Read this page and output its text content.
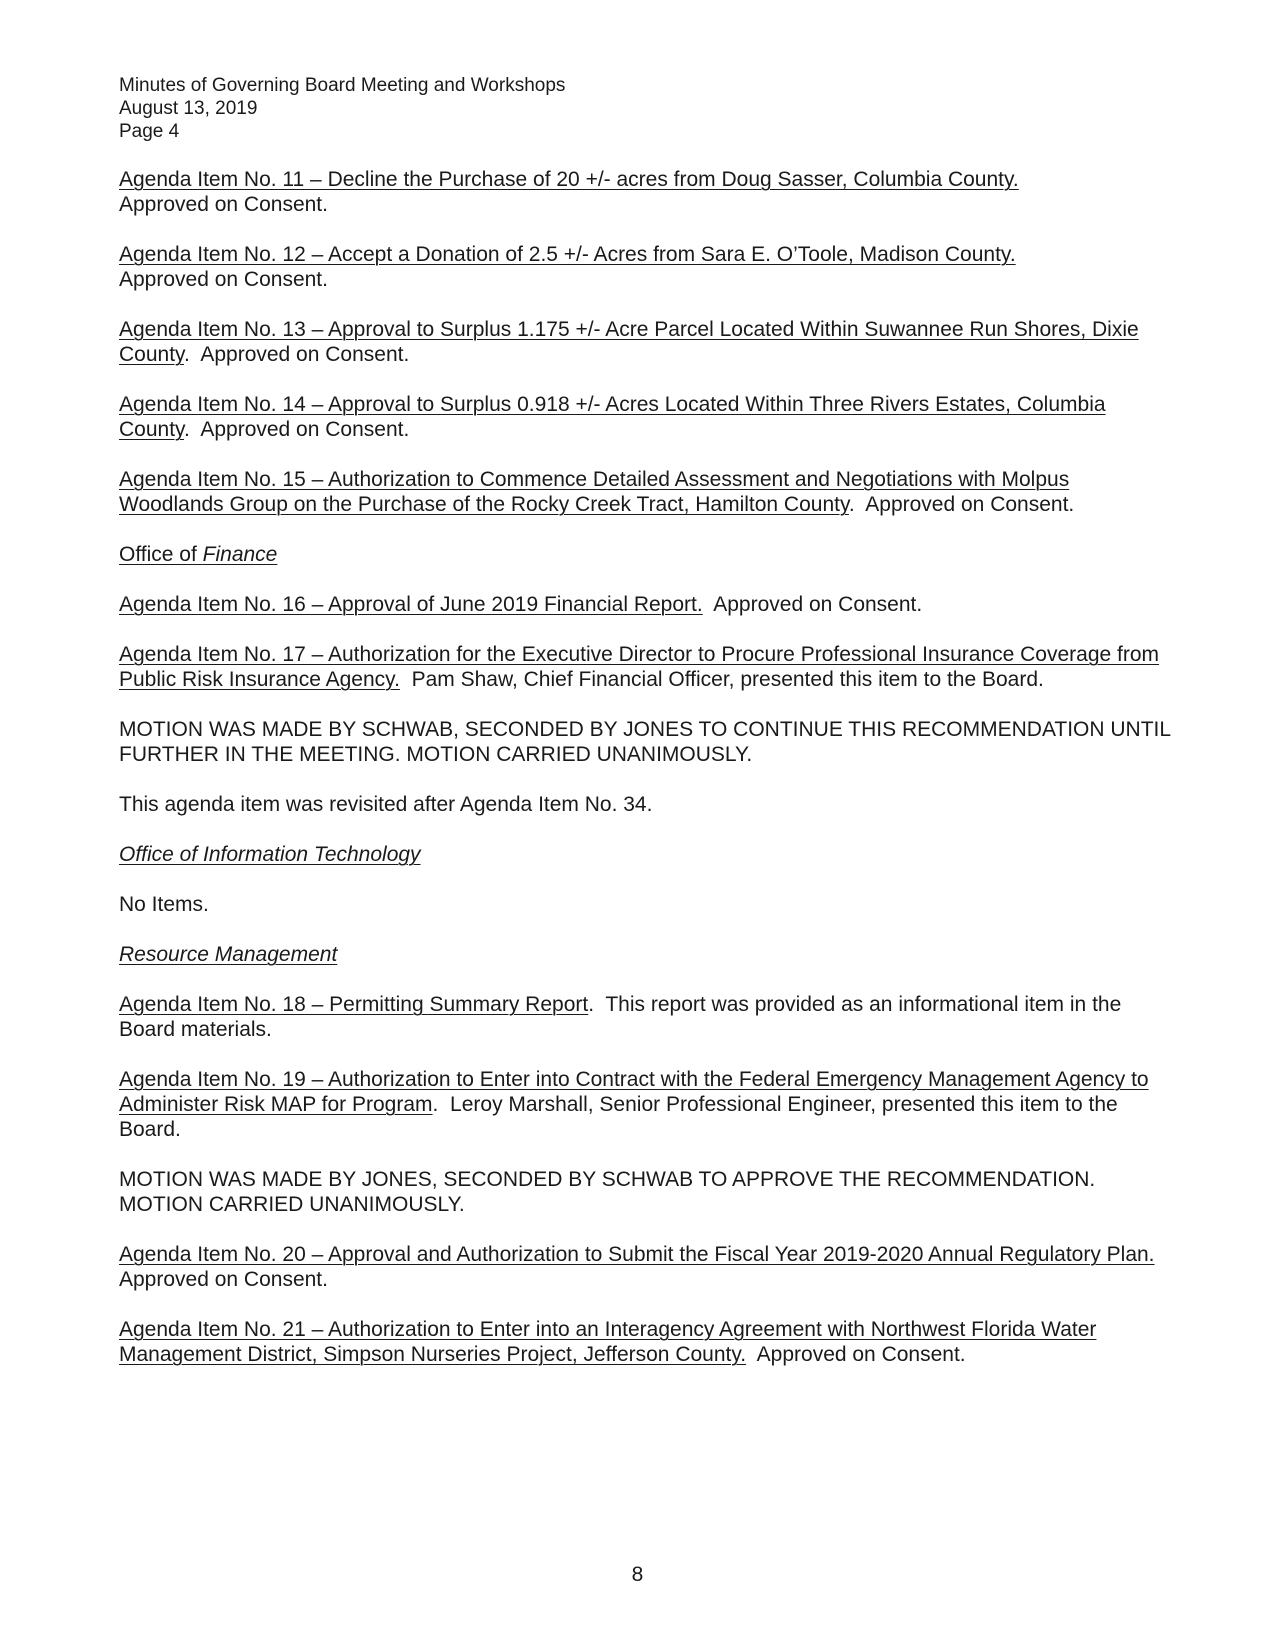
Minutes of Governing Board Meeting and Workshops
August 13, 2019
Page 4

Agenda Item No. 11 – Decline the Purchase of 20 +/- acres from Doug Sasser, Columbia County.
Approved on Consent.

Agenda Item No. 12 – Accept a Donation of 2.5 +/- Acres from Sara E. O’Toole, Madison County.
Approved on Consent.

Agenda Item No. 13 – Approval to Surplus 1.175 +/- Acre Parcel Located Within Suwannee Run Shores, Dixie County.  Approved on Consent.

Agenda Item No. 14 – Approval to Surplus 0.918 +/- Acres Located Within Three Rivers Estates, Columbia County.  Approved on Consent.

Agenda Item No. 15 – Authorization to Commence Detailed Assessment and Negotiations with Molpus Woodlands Group on the Purchase of the Rocky Creek Tract, Hamilton County.  Approved on Consent.

Office of Finance

Agenda Item No. 16 – Approval of June 2019 Financial Report.  Approved on Consent.

Agenda Item No. 17 – Authorization for the Executive Director to Procure Professional Insurance Coverage from Public Risk Insurance Agency.  Pam Shaw, Chief Financial Officer, presented this item to the Board.

MOTION WAS MADE BY SCHWAB, SECONDED BY JONES TO CONTINUE THIS RECOMMENDATION UNTIL FURTHER IN THE MEETING. MOTION CARRIED UNANIMOUSLY.

This agenda item was revisited after Agenda Item No. 34.

Office of Information Technology

No Items.

Resource Management

Agenda Item No. 18 – Permitting Summary Report.  This report was provided as an informational item in the Board materials.

Agenda Item No. 19 – Authorization to Enter into Contract with the Federal Emergency Management Agency to Administer Risk MAP for Program.  Leroy Marshall, Senior Professional Engineer, presented this item to the Board.

MOTION WAS MADE BY JONES, SECONDED BY SCHWAB TO APPROVE THE RECOMMENDATION. MOTION CARRIED UNANIMOUSLY.

Agenda Item No. 20 – Approval and Authorization to Submit the Fiscal Year 2019-2020 Annual Regulatory Plan.  Approved on Consent.

Agenda Item No. 21 – Authorization to Enter into an Interagency Agreement with Northwest Florida Water Management District, Simpson Nurseries Project, Jefferson County.  Approved on Consent.

8
